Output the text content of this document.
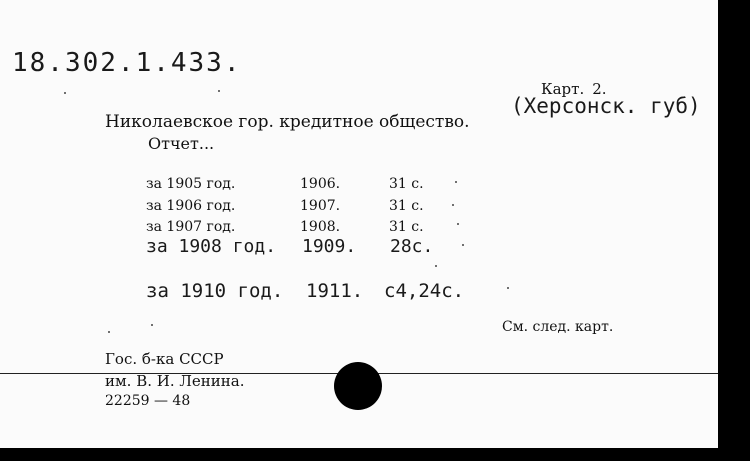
18.302.1.433.
Карт. 2.
Николаевское гор. кредитное общество.
(Херсонск. губ)
Отчет...
за 1905 год.	1906.	31 с.
за 1906 год.	1907.	31 с.
за 1907 год.	1908.	31 с.
за 1908 год. 1909. 28с.
за 1910 год. 1911. c4,24с.
См. след. карт.
Гос. б-ка СССР
им. В. И. Ленина.
22259 — 48
